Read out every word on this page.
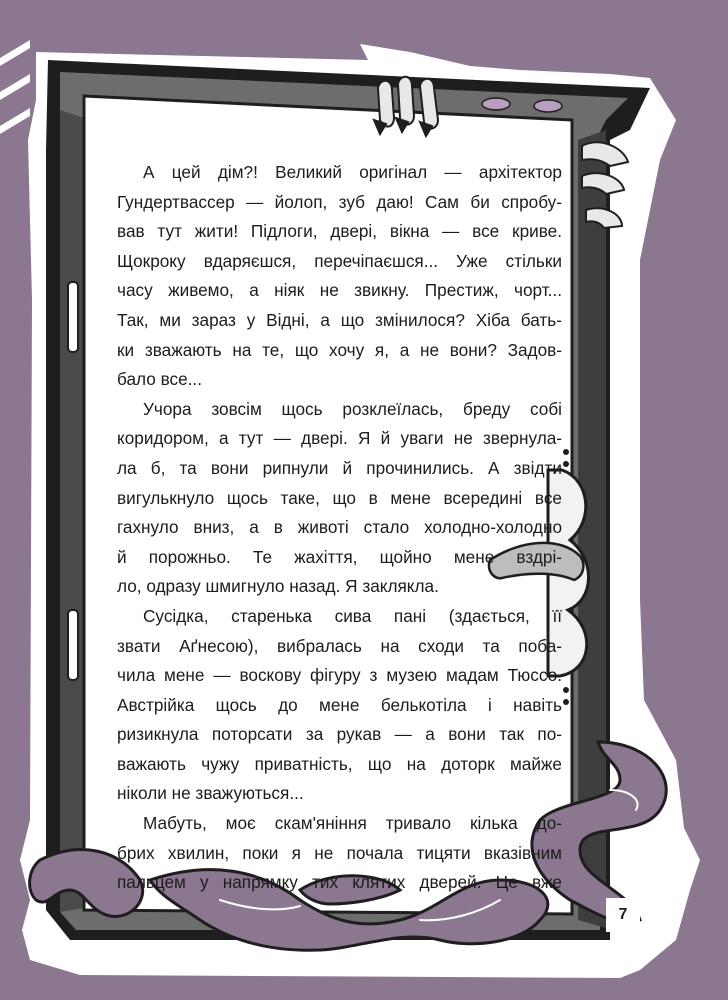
А цей дім?! Великий оригінал — архітектор
Гундертвассер — йолоп, зуб даю! Сам би спробу-
вав тут жити! Підлоги, двері, вікна — все криве.
Щокроку вдаряєшся, перечіпаєшся... Уже стільки
часу живемо, а ніяк не звикну. Престиж, чорт...
Так, ми зараз у Відні, а що змінилося? Хіба бать-
ки зважають на те, що хочу я, а не вони? Задов-
бало все...
Учора зовсім щось розклеїлась, бреду собі
коридором, а тут — двері. Я й уваги не звернула-
ла б, та вони рипнули й прочинились. А звідти
вигулькнуло щось таке, що в мене всередині все
гахнуло вниз, а в животі стало холодно-холодно
й порожньо. Те жахіття, щойно мене вздрі-
ло, одразу шмигнуло назад. Я заклякла.
Сусідка, старенька сива пані (здається, її
звати Аґнесою), вибралась на сходи та поба-
чила мене — воскову фігуру з музею мадам Тюссо.
Австрійка щось до мене белькотіла і навіть
ризикнула поторсати за рукав — а вони так по-
важають чужу приватність, що на доторк майже
ніколи не зважуються...
Мабуть, моє скам'яніння тривало кілька до-
брих хвилин, поки я не почала тицяти вказівним
пальцем у напрямку тих клятих дверей. Це вже
7
